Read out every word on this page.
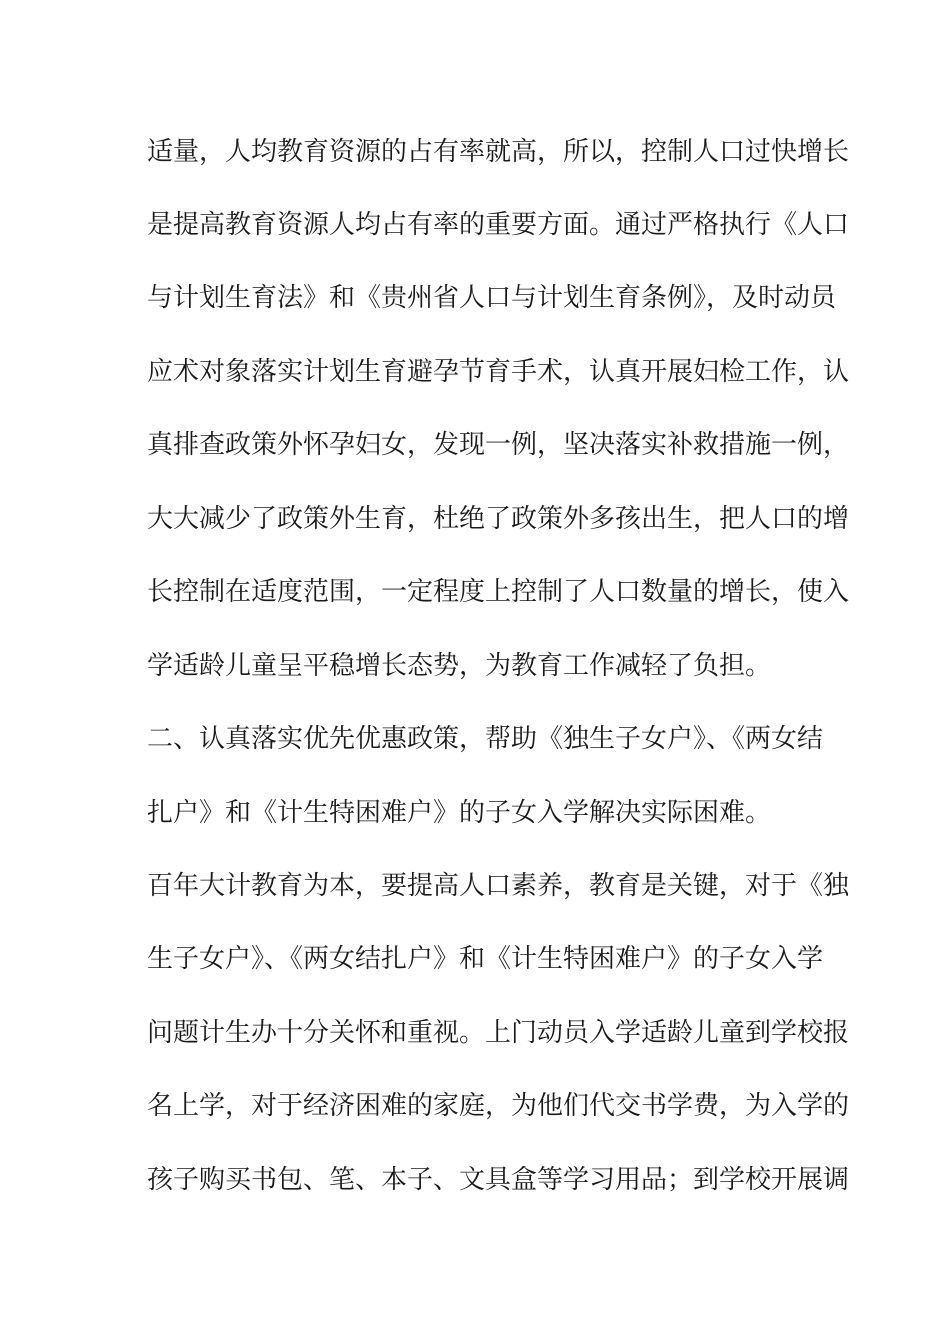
适量，人均教育资源的占有率就高，所以，控制人口过快增长
是提高教育资源人均占有率的重要方面。通过严格执行《人口
与计划生育法》和《贵州省人口与计划生育条例》，及时动员
应术对象落实计划生育避孕节育手术，认真开展妇检工作，认
真排查政策外怀孕妇女，发现一例，坚决落实补救措施一例，
大大减少了政策外生育，杜绝了政策外多孩出生，把人口的增
长控制在适度范围，一定程度上控制了人口数量的增长，使入
学适龄儿童呈平稳增长态势，为教育工作减轻了负担。
二、认真落实优先优惠政策，帮助《独生子女户》、《两女结
扎户》和《计生特困难户》的子女入学解决实际困难。
百年大计教育为本，要提高人口素养，教育是关键，对于《独
生子女户》、《两女结扎户》和《计生特困难户》的子女入学
问题计生办十分关怀和重视。上门动员入学适龄儿童到学校报
名上学，对于经济困难的家庭，为他们代交书学费，为入学的
孩子购买书包、笔、本子、文具盒等学习用品；到学校开展调
